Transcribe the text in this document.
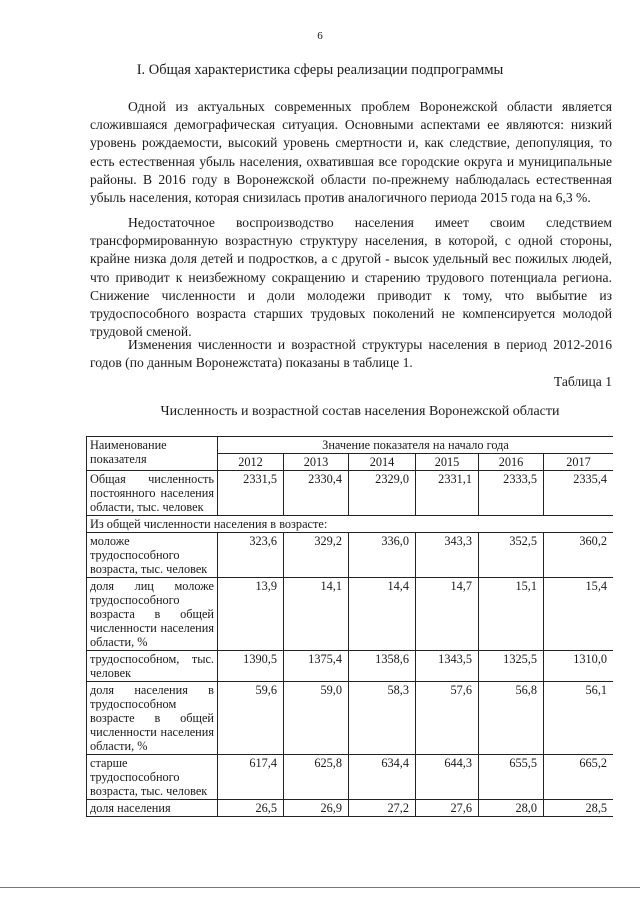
6
I. Общая характеристика сферы реализации подпрограммы

Одной из актуальных современных проблем Воронежской области является сложившаяся демографическая ситуация. Основными аспектами ее являются: низкий уровень рождаемости, высокий уровень смертности и, как следствие, депопуляция, то есть естественная убыль населения, охватившая все городские округа и муниципальные районы. В 2016 году в Воронежской области по-прежнему наблюдалась естественная убыль населения, которая снизилась против аналогичного периода 2015 года на 6,3 %.

Недостаточное воспроизводство населения имеет своим следствием трансформированную возрастную структуру населения, в которой, с одной стороны, крайне низка доля детей и подростков, а с другой - высок удельный вес пожилых людей, что приводит к неизбежному сокращению и старению трудового потенциала региона. Снижение численности и доли молодежи приводит к тому, что выбытие из трудоспособного возраста старших трудовых поколений не компенсируется молодой трудовой сменой.

Изменения численности и возрастной структуры населения в период 2012-2016 годов (по данным Воронежстата) показаны в таблице 1.

Таблица 1
Численность и возрастной состав населения Воронежской области
Наименование показателя	Значение показателя на начало года					
	2012	2013	2014	2015	2016	2017
Общая численность постоянного населения области, тыс. человек	2331,5	2330,4	2329,0	2331,1	2333,5	2335,4
Из общей численности населения в возрасте:						
моложе трудоспособного возраста, тыс. человек	323,6	329,2	336,0	343,3	352,5	360,2
доля лиц моложе трудоспособного возраста в общей численности населения области, %	13,9	14,1	14,4	14,7	15,1	15,4
трудоспособном, тыс. человек	1390,5	1375,4	1358,6	1343,5	1325,5	1310,0
доля населения в трудоспособном возрасте в общей численности населения области, %	59,6	59,0	58,3	57,6	56,8	56,1
старше трудоспособного возраста, тыс. человек	617,4	625,8	634,4	644,3	655,5	665,2
доля населения	26,5	26,9	27,2	27,6	28,0	28,5
